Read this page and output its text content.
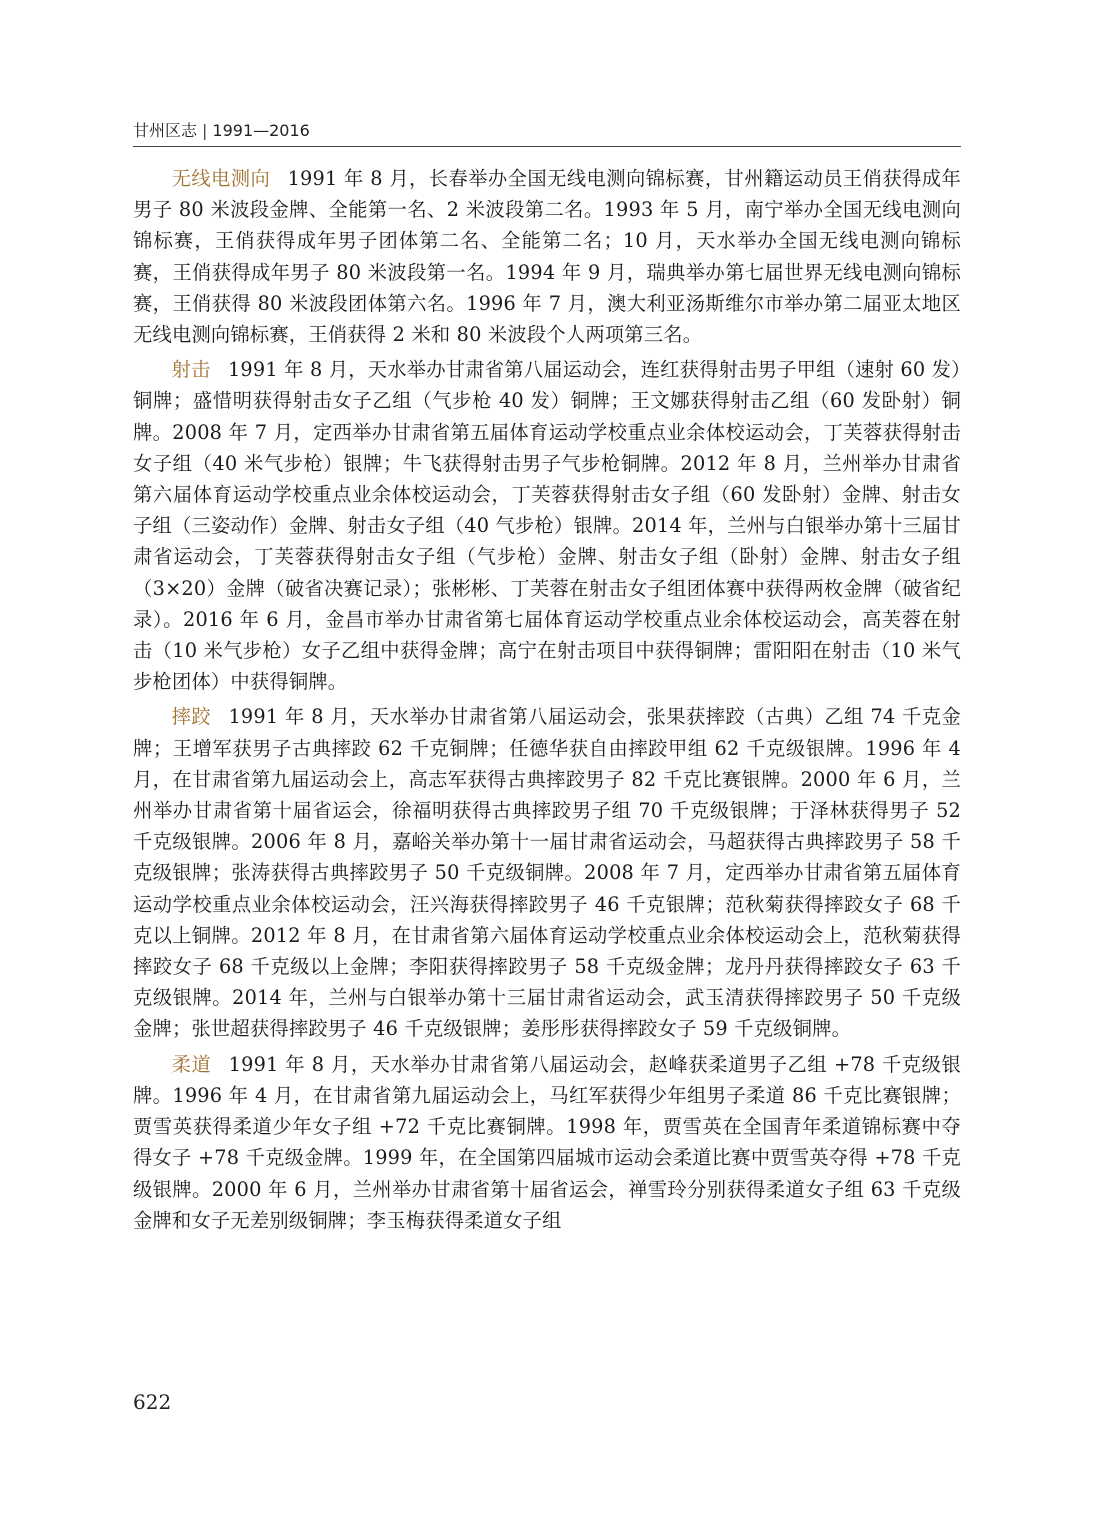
甘州区志 | 1991—2016

无线电测向 1991 年 8 月，长春举办全国无线电测向锦标赛，甘州籍运动员王俏获得成年男子 80 米波段金牌、全能第一名、2 米波段第二名。1993 年 5 月，南宁举办全国无线电测向锦标赛，王俏获得成年男子团体第二名、全能第二名；10 月，天水举办全国无线电测向锦标赛，王俏获得成年男子 80 米波段第一名。1994 年 9 月，瑞典举办第七届世界无线电测向锦标赛，王俏获得 80 米波段团体第六名。1996 年 7 月，澳大利亚汤斯维尔市举办第二届亚太地区无线电测向锦标赛，王俏获得 2 米和 80 米波段个人两项第三名。

射击 1991 年 8 月，天水举办甘肃省第八届运动会，连红获得射击男子甲组（速射 60 发）铜牌；盛惜明获得射击女子乙组（气步枪 40 发）铜牌；王文娜获得射击乙组（60 发卧射）铜牌。2008 年 7 月，定西举办甘肃省第五届体育运动学校重点业余体校运动会，丁芙蓉获得射击女子组（40 米气步枪）银牌；牛飞获得射击男子气步枪铜牌。2012 年 8 月，兰州举办甘肃省第六届体育运动学校重点业余体校运动会，丁芙蓉获得射击女子组（60 发卧射）金牌、射击女子组（三姿动作）金牌、射击女子组（40 气步枪）银牌。2014 年，兰州与白银举办第十三届甘肃省运动会，丁芙蓉获得射击女子组（气步枪）金牌、射击女子组（卧射）金牌、射击女子组（3×20）金牌（破省决赛记录）；张彬彬、丁芙蓉在射击女子组团体赛中获得两枚金牌（破省纪录）。2016 年 6 月，金昌市举办甘肃省第七届体育运动学校重点业余体校运动会，高芙蓉在射击（10 米气步枪）女子乙组中获得金牌；高宁在射击项目中获得铜牌；雷阳阳在射击（10 米气步枪团体）中获得铜牌。

摔跤 1991 年 8 月，天水举办甘肃省第八届运动会，张果获摔跤（古典）乙组 74 千克金牌；王增军获男子古典摔跤 62 千克铜牌；任德华获自由摔跤甲组 62 千克级银牌。1996 年 4 月，在甘肃省第九届运动会上，高志军获得古典摔跤男子 82 千克比赛银牌。2000 年 6 月，兰州举办甘肃省第十届省运会，徐福明获得古典摔跤男子组 70 千克级银牌；于泽林获得男子 52 千克级银牌。2006 年 8 月，嘉峪关举办第十一届甘肃省运动会，马超获得古典摔跤男子 58 千克级银牌；张涛获得古典摔跤男子 50 千克级铜牌。2008 年 7 月，定西举办甘肃省第五届体育运动学校重点业余体校运动会，汪兴海获得摔跤男子 46 千克银牌；范秋菊获得摔跤女子 68 千克以上铜牌。2012 年 8 月，在甘肃省第六届体育运动学校重点业余体校运动会上，范秋菊获得摔跤女子 68 千克级以上金牌；李阳获得摔跤男子 58 千克级金牌；龙丹丹获得摔跤女子 63 千克级银牌。2014 年，兰州与白银举办第十三届甘肃省运动会，武玉清获得摔跤男子 50 千克级金牌；张世超获得摔跤男子 46 千克级银牌；姜彤彤获得摔跤女子 59 千克级铜牌。

柔道 1991 年 8 月，天水举办甘肃省第八届运动会，赵峰获柔道男子乙组 +78 千克级银牌。1996 年 4 月，在甘肃省第九届运动会上，马红军获得少年组男子柔道 86 千克比赛银牌；贾雪英获得柔道少年女子组 +72 千克比赛铜牌。1998 年，贾雪英在全国青年柔道锦标赛中夺得女子 +78 千克级金牌。1999 年，在全国第四届城市运动会柔道比赛中贾雪英夺得 +78 千克级银牌。2000 年 6 月，兰州举办甘肃省第十届省运会，禅雪玲分别获得柔道女子组 63 千克级金牌和女子无差别级铜牌；李玉梅获得柔道女子组

622
